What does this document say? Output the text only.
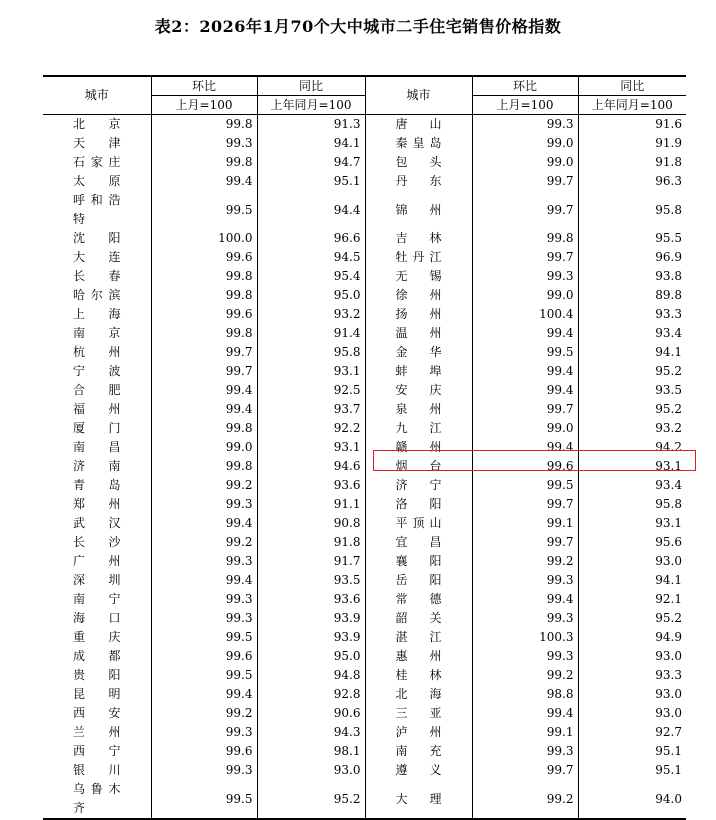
表2：2026年1月70个大中城市二手住宅销售价格指数
城市	环比	同比	城市	环比	同比
	上月=100	上年同月=100		上月=100	上年同月=100
北京	99.8	91.3	唐山	99.3	91.6
天津	99.3	94.1	秦皇岛	99.0	91.9
石家庄	99.8	94.7	包头	99.0	91.8
太原	99.4	95.1	丹东	99.7	96.3
呼和浩特	99.5	94.4	锦州	99.7	95.8
沈阳	100.0	96.6	吉林	99.8	95.5
大连	99.6	94.5	牡丹江	99.7	96.9
长春	99.8	95.4	无锡	99.3	93.8
哈尔滨	99.8	95.0	徐州	99.0	89.8
上海	99.6	93.2	扬州	100.4	93.3
南京	99.8	91.4	温州	99.4	93.4
杭州	99.7	95.8	金华	99.5	94.1
宁波	99.7	93.1	蚌埠	99.4	95.2
合肥	99.4	92.5	安庆	99.4	93.5
福州	99.4	93.7	泉州	99.7	95.2
厦门	99.8	92.2	九江	99.0	93.2
南昌	99.0	93.1	赣州	99.4	94.2
济南	99.8	94.6	烟台	99.6	93.1
青岛	99.2	93.6	济宁	99.5	93.4
郑州	99.3	91.1	洛阳	99.7	95.8
武汉	99.4	90.8	平顶山	99.1	93.1
长沙	99.2	91.8	宜昌	99.7	95.6
广州	99.3	91.7	襄阳	99.2	93.0
深圳	99.4	93.5	岳阳	99.3	94.1
南宁	99.3	93.6	常德	99.4	92.1
海口	99.3	93.9	韶关	99.3	95.2
重庆	99.5	93.9	湛江	100.3	94.9
成都	99.6	95.0	惠州	99.3	93.0
贵阳	99.5	94.8	桂林	99.2	93.3
昆明	99.4	92.8	北海	98.8	93.0
西安	99.2	90.6	三亚	99.4	93.0
兰州	99.3	94.3	泸州	99.1	92.7
西宁	99.6	98.1	南充	99.3	95.1
银川	99.3	93.0	遵义	99.7	95.1
乌鲁木齐	99.5	95.2	大理	99.2	94.0
